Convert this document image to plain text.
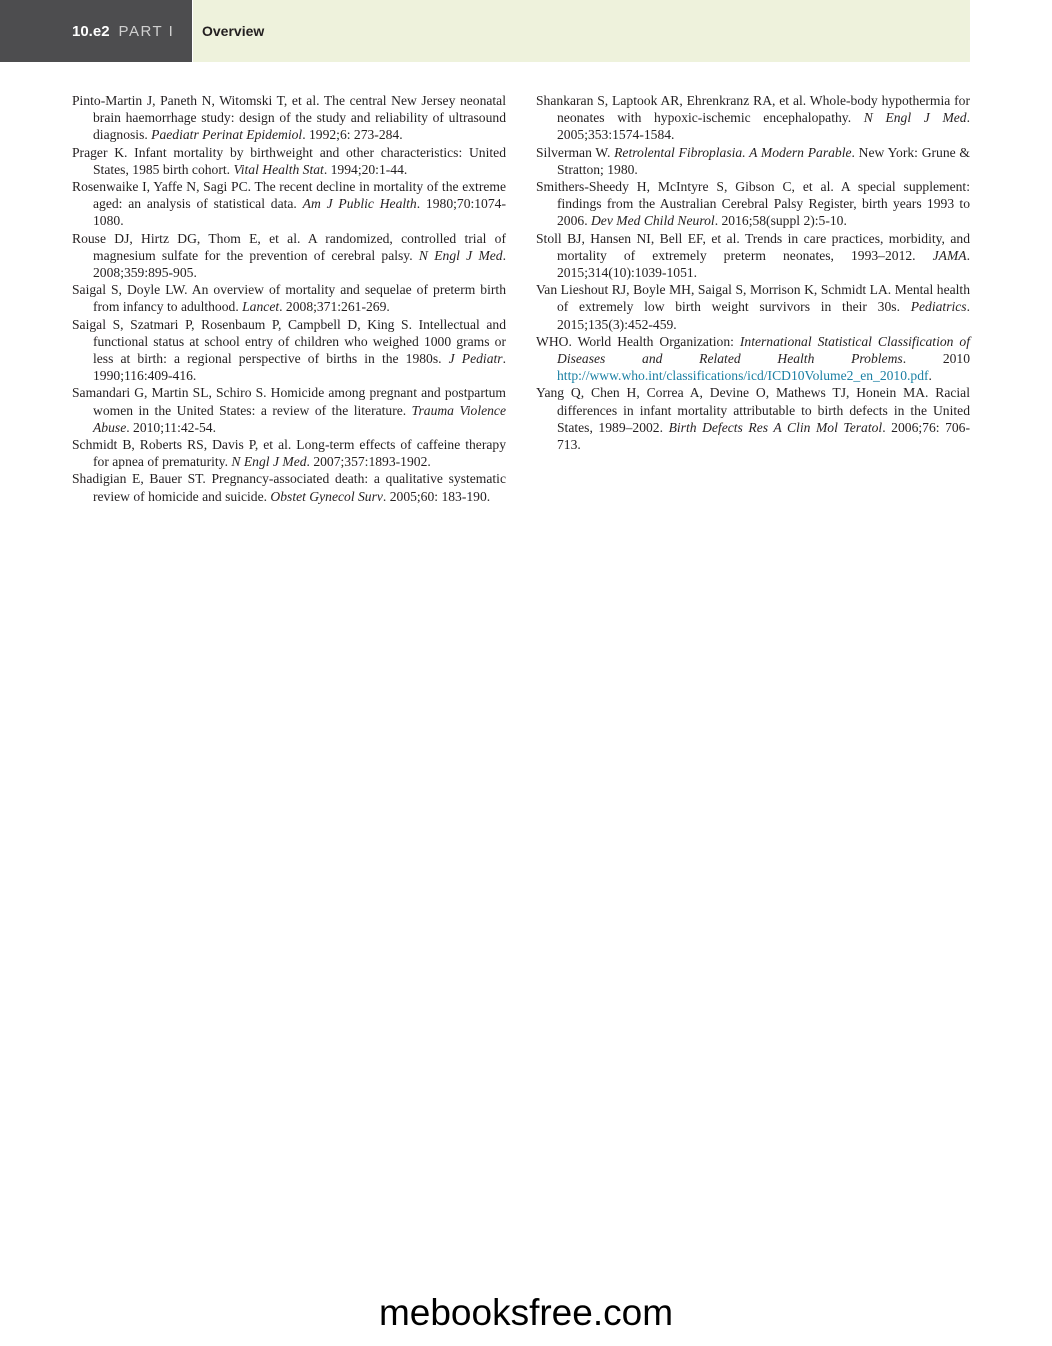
10.e2 PART I Overview

Pinto-Martin J, Paneth N, Witomski T, et al. The central New Jersey neonatal brain haemorrhage study: design of the study and reliability of ultrasound diagnosis. Paediatr Perinat Epidemiol. 1992;6: 273-284.

Prager K. Infant mortality by birthweight and other characteristics: United States, 1985 birth cohort. Vital Health Stat. 1994;20:1-44.

Rosenwaike I, Yaffe N, Sagi PC. The recent decline in mortality of the extreme aged: an analysis of statistical data. Am J Public Health. 1980;70:1074-1080.

Rouse DJ, Hirtz DG, Thom E, et al. A randomized, controlled trial of magnesium sulfate for the prevention of cerebral palsy. N Engl J Med. 2008;359:895-905.

Saigal S, Doyle LW. An overview of mortality and sequelae of preterm birth from infancy to adulthood. Lancet. 2008;371:261-269.

Saigal S, Szatmari P, Rosenbaum P, Campbell D, King S. Intellectual and functional status at school entry of children who weighed 1000 grams or less at birth: a regional perspective of births in the 1980s. J Pediatr. 1990;116:409-416.

Samandari G, Martin SL, Schiro S. Homicide among pregnant and postpartum women in the United States: a review of the literature. Trauma Violence Abuse. 2010;11:42-54.

Schmidt B, Roberts RS, Davis P, et al. Long-term effects of caffeine therapy for apnea of prematurity. N Engl J Med. 2007;357:1893-1902.

Shadigian E, Bauer ST. Pregnancy-associated death: a qualitative systematic review of homicide and suicide. Obstet Gynecol Surv. 2005;60: 183-190.

Shankaran S, Laptook AR, Ehrenkranz RA, et al. Whole-body hypothermia for neonates with hypoxic-ischemic encephalopathy. N Engl J Med. 2005;353:1574-1584.

Silverman W. Retrolental Fibroplasia. A Modern Parable. New York: Grune & Stratton; 1980.

Smithers-Sheedy H, McIntyre S, Gibson C, et al. A special supplement: findings from the Australian Cerebral Palsy Register, birth years 1993 to 2006. Dev Med Child Neurol. 2016;58(suppl 2):5-10.

Stoll BJ, Hansen NI, Bell EF, et al. Trends in care practices, morbidity, and mortality of extremely preterm neonates, 1993–2012. JAMA. 2015;314(10):1039-1051.

Van Lieshout RJ, Boyle MH, Saigal S, Morrison K, Schmidt LA. Mental health of extremely low birth weight survivors in their 30s. Pediatrics. 2015;135(3):452-459.

WHO. World Health Organization: International Statistical Classification of Diseases and Related Health Problems. 2010 http://www.who.int/classifications/icd/ICD10Volume2_en_2010.pdf.

Yang Q, Chen H, Correa A, Devine O, Mathews TJ, Honein MA. Racial differences in infant mortality attributable to birth defects in the United States, 1989–2002. Birth Defects Res A Clin Mol Teratol. 2006;76: 706-713.

mebooksfree.com
